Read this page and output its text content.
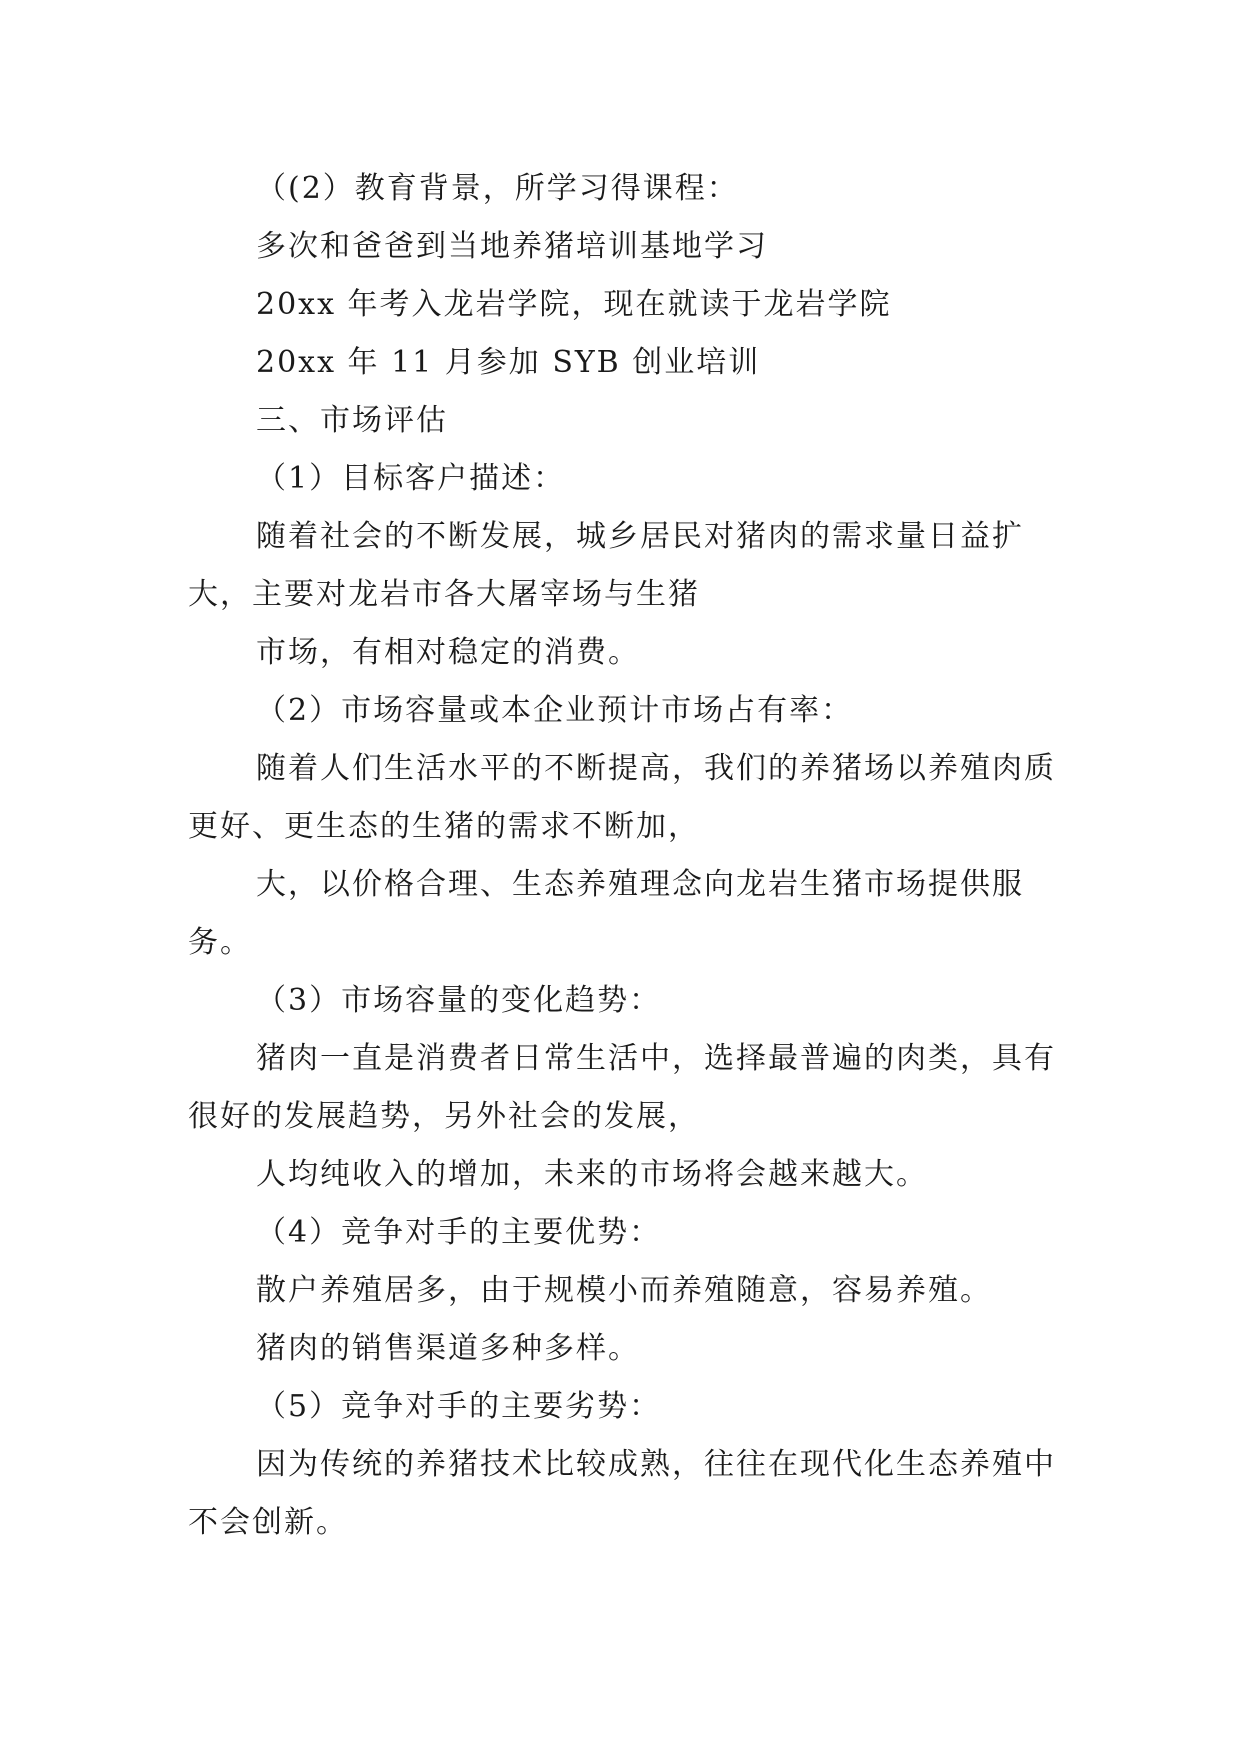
（(2）教育背景，所学习得课程：

多次和爸爸到当地养猪培训基地学习

20xx 年考入龙岩学院，现在就读于龙岩学院

20xx 年 11 月参加 SYB 创业培训

三、市场评估

（1）目标客户描述：

随着社会的不断发展，城乡居民对猪肉的需求量日益扩大，主要对龙岩市各大屠宰场与生猪

市场，有相对稳定的消费。

（2）市场容量或本企业预计市场占有率：

随着人们生活水平的不断提高，我们的养猪场以养殖肉质更好、更生态的生猪的需求不断加，

大，以价格合理、生态养殖理念向龙岩生猪市场提供服务。

（3）市场容量的变化趋势：

猪肉一直是消费者日常生活中，选择最普遍的肉类，具有很好的发展趋势，另外社会的发展，

人均纯收入的增加，未来的市场将会越来越大。

（4）竞争对手的主要优势：

散户养殖居多，由于规模小而养殖随意，容易养殖。

猪肉的销售渠道多种多样。

（5）竞争对手的主要劣势：

因为传统的养猪技术比较成熟，往往在现代化生态养殖中不会创新。
